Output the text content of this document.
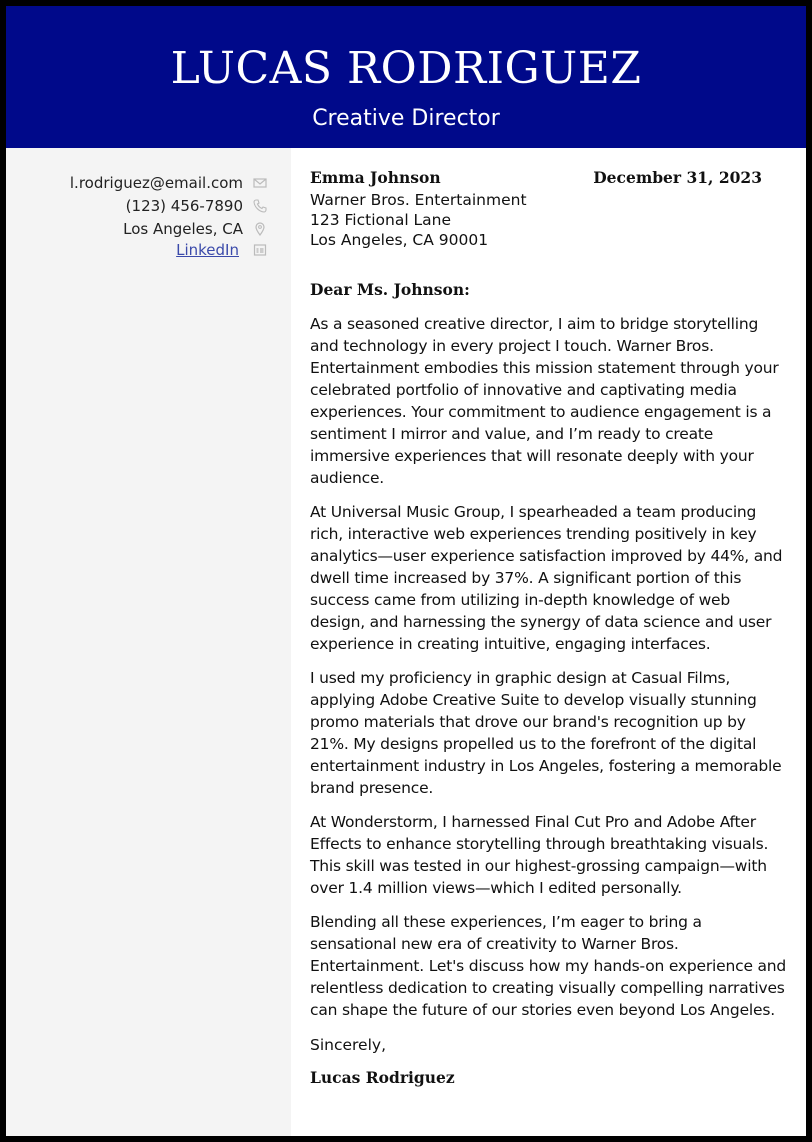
LUCAS RODRIGUEZ
Creative Director
l.rodriguez@email.com
(123) 456-7890
Los Angeles, CA
LinkedIn
Emma Johnson	December 31, 2023
Warner Bros. Entertainment
123 Fictional Lane
Los Angeles, CA 90001
Dear Ms. Johnson:
As a seasoned creative director, I aim to bridge storytelling and technology in every project I touch. Warner Bros. Entertainment embodies this mission statement through your celebrated portfolio of innovative and captivating media experiences. Your commitment to audience engagement is a sentiment I mirror and value, and I’m ready to create immersive experiences that will resonate deeply with your audience.
At Universal Music Group, I spearheaded a team producing rich, interactive web experiences trending positively in key analytics—user experience satisfaction improved by 44%, and dwell time increased by 37%. A significant portion of this success came from utilizing in-depth knowledge of web design, and harnessing the synergy of data science and user experience in creating intuitive, engaging interfaces.
I used my proficiency in graphic design at Casual Films, applying Adobe Creative Suite to develop visually stunning promo materials that drove our brand's recognition up by 21%. My designs propelled us to the forefront of the digital entertainment industry in Los Angeles, fostering a memorable brand presence.
At Wonderstorm, I harnessed Final Cut Pro and Adobe After Effects to enhance storytelling through breathtaking visuals. This skill was tested in our highest-grossing campaign—with over 1.4 million views—which I edited personally.
Blending all these experiences, I’m eager to bring a sensational new era of creativity to Warner Bros. Entertainment. Let's discuss how my hands-on experience and relentless dedication to creating visually compelling narratives can shape the future of our stories even beyond Los Angeles.
Sincerely,
Lucas Rodriguez
